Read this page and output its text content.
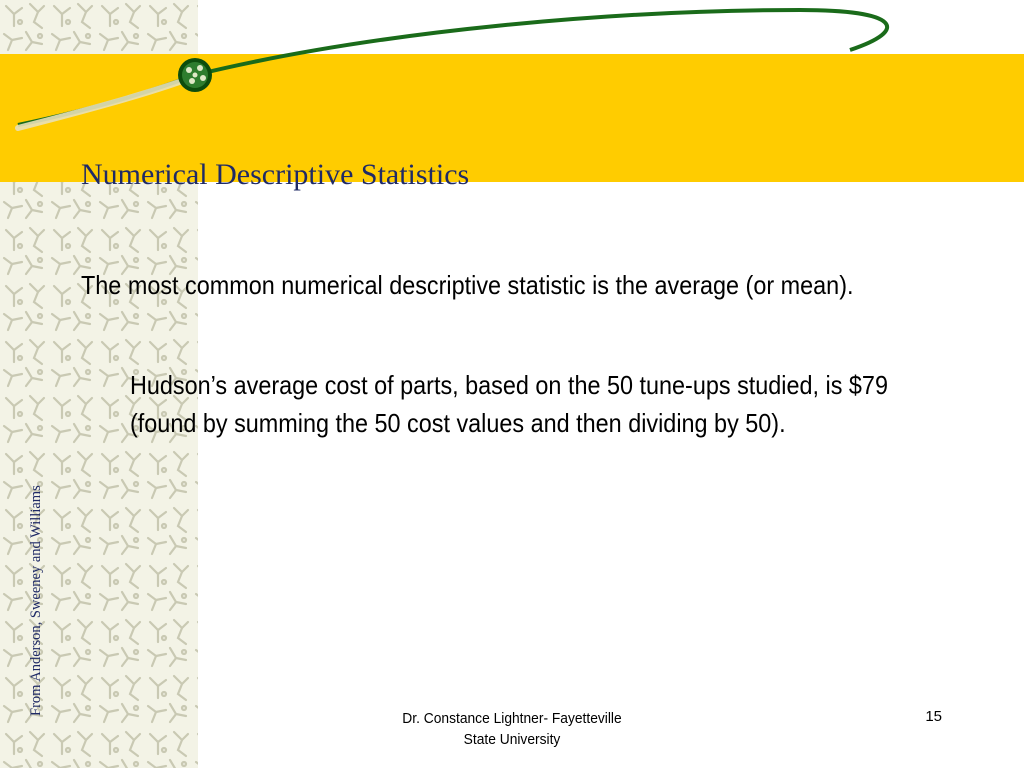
Numerical Descriptive Statistics

The most common numerical descriptive statistic is the average (or mean).

Hudson’s average cost of parts, based on the 50 tune-ups studied, is $79 (found by summing the 50 cost values and then dividing by 50).

From Anderson, Sweeney and Williams
Dr. Constance Lightner- Fayetteville
State University
15
